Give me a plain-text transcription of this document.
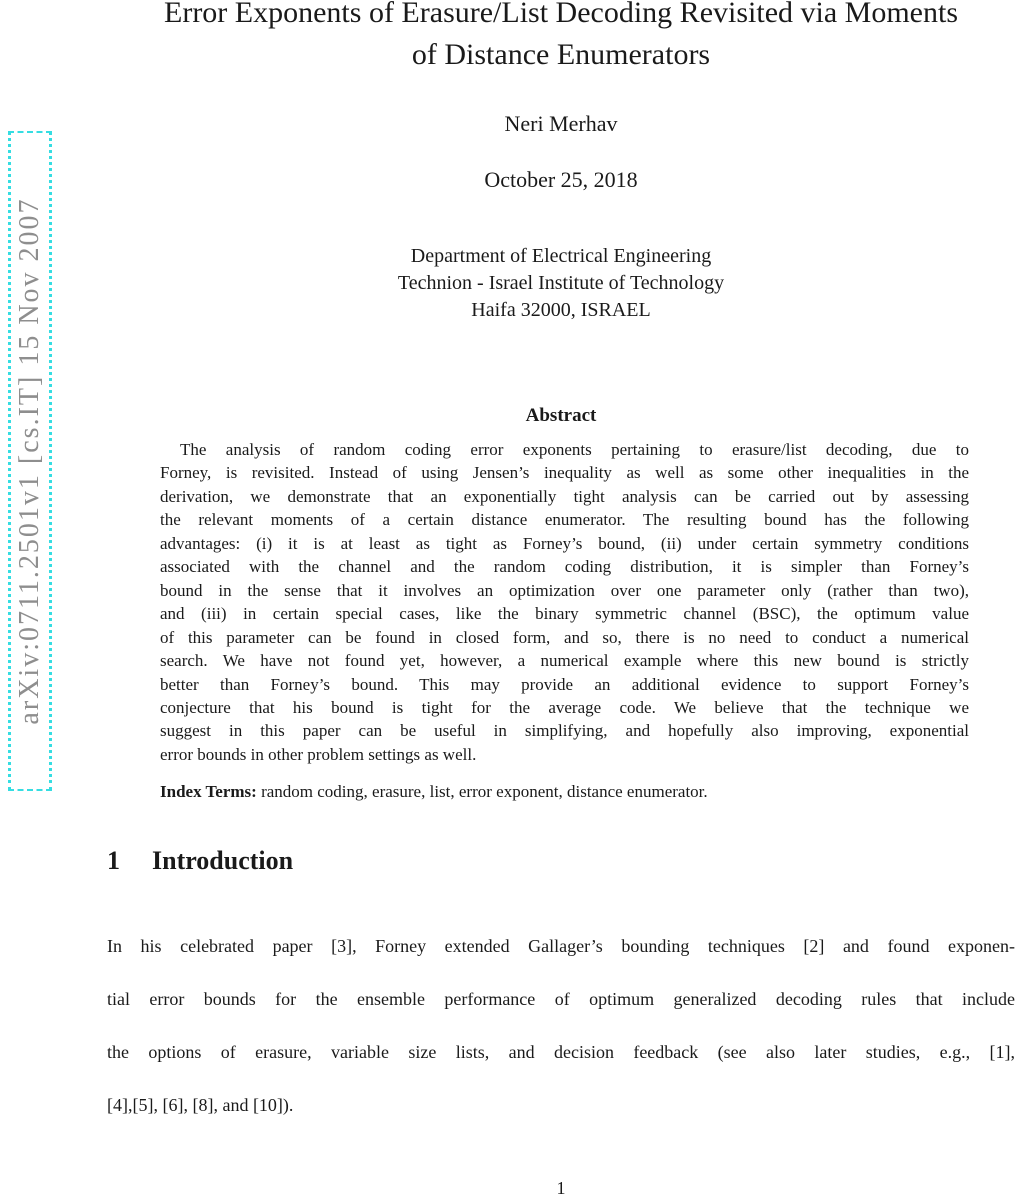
arXiv:0711.2501v1 [cs.IT] 15 Nov 2007
Error Exponents of Erasure/List Decoding Revisited via Moments
of Distance Enumerators
Neri Merhav
October 25, 2018
Department of Electrical Engineering
Technion - Israel Institute of Technology
Haifa 32000, ISRAEL
Abstract
The analysis of random coding error exponents pertaining to erasure/list decoding, due to
Forney, is revisited. Instead of using Jensen’s inequality as well as some other inequalities in the
derivation, we demonstrate that an exponentially tight analysis can be carried out by assessing
the relevant moments of a certain distance enumerator. The resulting bound has the following
advantages: (i) it is at least as tight as Forney’s bound, (ii) under certain symmetry conditions
associated with the channel and the random coding distribution, it is simpler than Forney’s
bound in the sense that it involves an optimization over one parameter only (rather than two),
and (iii) in certain special cases, like the binary symmetric channel (BSC), the optimum value
of this parameter can be found in closed form, and so, there is no need to conduct a numerical
search. We have not found yet, however, a numerical example where this new bound is strictly
better than Forney’s bound. This may provide an additional evidence to support Forney’s
conjecture that his bound is tight for the average code. We believe that the technique we
suggest in this paper can be useful in simplifying, and hopefully also improving, exponential
error bounds in other problem settings as well.
Index Terms: random coding, erasure, list, error exponent, distance enumerator.
1 Introduction
In his celebrated paper [3], Forney extended Gallager’s bounding techniques [2] and found exponen-
tial error bounds for the ensemble performance of optimum generalized decoding rules that include
the options of erasure, variable size lists, and decision feedback (see also later studies, e.g., [1],
[4],[5], [6], [8], and [10]).
1
